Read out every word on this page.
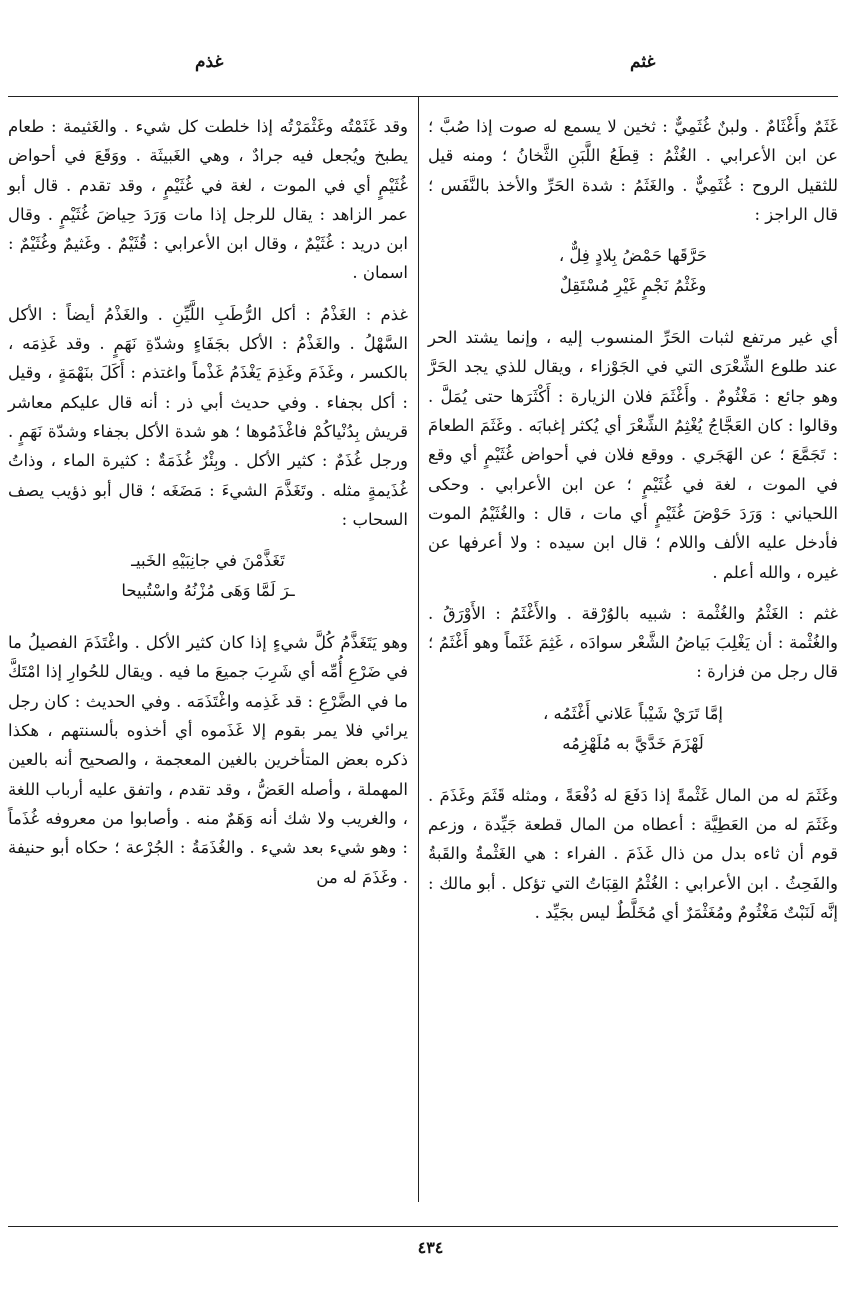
غذم	غثم

غَثَمٌ وأَغْثَامٌ . ولبنٌ غُثَمِيٌّ : ثخين لا يسمع له صوت إذا صُبَّ ؛ عن ابن الأعرابي . الغُثْمُ : قِطَعُ اللَّبَنِ الثَّخانُ ؛ ومنه قيل للثقيل الروح : غُثَمِيٌّ . والغَثَمُ : شدة الحَرِّ والأخذ بالنَّفَس ؛ قال الراجز :

حَرَّقَها حَمْضُ بِلادٍ فِلٌّ ،

وغَثْمُ نَجْمٍ غَيْرِ مُسْتَقِلٌ

أي غير مرتفع لثبات الحَرِّ المنسوب إليه ، وإنما يشتد الحر عند طلوع الشِّعْرَى التي في الجَوْزاء ، ويقال للذي يجد الحَرَّ وهو جائع : مَغْثُومٌ . وأَغْثَمَ فلان الزيارة : أَكْثَرَها حتى يُمَلَّ . وقالوا : كان العَجَّاجُ يُغْثِمُ الشِّعْرَ أي يُكثر إغبابَه . وغَثَمَ الطعامَ : تَجَمَّعَ ؛ عن الهَجَري . ووقع فلان في أحواض غُثَيْمٍ أي وقع في الموت ، لغة في غُثَيْمٍ ؛ عن ابن الأعرابي . وحكى اللحياني : وَرَدَ حَوْضَ غُثَيْمٍ أي مات ، قال : والغُثَيْمُ الموت فأدخل عليه الألف واللام ؛ قال ابن سيده : ولا أعرفها عن غيره ، والله أعلم .

غثم : الغَثْمُ والغُثْمة : شبيه بالوُرْقة . والأَغْثَمُ : الأَوْرَقُ . والغُثْمة : أن يَغْلِبَ بَياضُ الشَّعْر سوادَه ، غَثِمَ غَثَماً وهو أَغْثَمُ ؛ قال رجل من فزارة :

إمَّا تَرَيْ شَيْباً عَلاني أَغْثَمُه ،

لَهْزَمَ خَدَّيَّ به مُلَهْزِمُه

وغَثَمَ له من المال غَثْمةً إذا دَفَعَ له دُفْعَةً ، ومثله قَثَمَ وغَذَمَ . وغَثَمَ له من العَطِيَّة : أعطاه من المال قطعة جَيِّدة ، وزعم قوم أن ثاءه بدل من ذال غَذَمَ . الفراء : هي الغَثْمةُ والقَبةُ والفَحِثُ . ابن الأعرابي : الغُثْمُ القِبَاتُ التي تؤكل . أبو مالك : إنَّه لَنَبْتٌ مَغْثُومٌ ومُغَثْمَرٌ أي مُخَلَّطٌ ليس بجَيِّد .

وقد غَثَمْتُه وغَثْمَرْتُه إذا خلطت كل شيء . والغَثيمة : طعام يطبخ ويُجعل فيه جرادٌ ، وهي الغَبيثَة . ووَقَعَ في أحواض غُثَيْمٍ أي في الموت ، لغة في غُثَيْمٍ ، وقد تقدم . قال أبو عمر الزاهد : يقال للرجل إذا مات وَرَدَ حِياضَ غُثَيْمٍ . وقال ابن دريد : غُثَيْمٌ ، وقال ابن الأعرابي : قُثَيْمٌ . وغَثيمٌ وغُثَيْمٌ : اسمان .

غذم : الغَذْمُ : أكل الرُّطَبِ اللَّيِّنِ . والغَذْمُ أيضاً : الأكل السَّهْلُ . والغَذْمُ : الأكل بجَفَاءٍ وشدّةِ نَهَمٍ . وقد غَذِمَه ، بالكسر ، وغَذَمَ وغَذِمَ يَغْذَمُ غَذْماً واغتذم : أَكَلَ بنَهْمَةٍ ، وقيل : أكل بجفاء . وفي حديث أبي ذر : أنه قال عليكم معاشر قريش بِدُنْياكُمْ فاغْذَمُوها ؛ هو شدة الأكل بجفاء وشدّة نَهَمٍ . ورجل غُذَمٌ : كثير الأكل . وبِئْرٌ غُذَمَةٌ : كثيرة الماء ، وذاتُ غُذَيمةٍ مثله . وتَغَذَّمَ الشيءَ : مَضَغَه ؛ قال أبو ذؤيب يصف السحاب :

تَغَذَّمْنَ في جانِبَيْهِ الخَبيـ

ـرَ لَمَّا وَهَى مُزْنُهُ واسْتُبيحا

وهو يَتَغَذَّمُ كُلَّ شيءٍ إذا كان كثير الأكل . واغْتَذَمَ الفصيلُ ما في ضَرْعِ أُمِّه أي شَرِبَ جميعَ ما فيه . ويقال للحُوارِ إذا امْتَكَّ ما في الضَّرْعِ : قد غَذِمه واغْتَذَمَه . وفي الحديث : كان رجل يرائي فلا يمر بقوم إلا غَذَموه أي أخذوه بألسنتهم ، هكذا ذكره بعض المتأخرين بالغين المعجمة ، والصحيح أنه بالعين المهملة ، وأصله العَضُّ ، وقد تقدم ، واتفق عليه أرباب اللغة ، والغريب ولا شك أنه وَهَمٌ منه . وأصابوا من معروفه غُذَماً : وهو شيء بعد شيء . والغُذَمَةُ : الجُرْعة ؛ حكاه أبو حنيفة . وغَذَمَ له من

٤٣٤
